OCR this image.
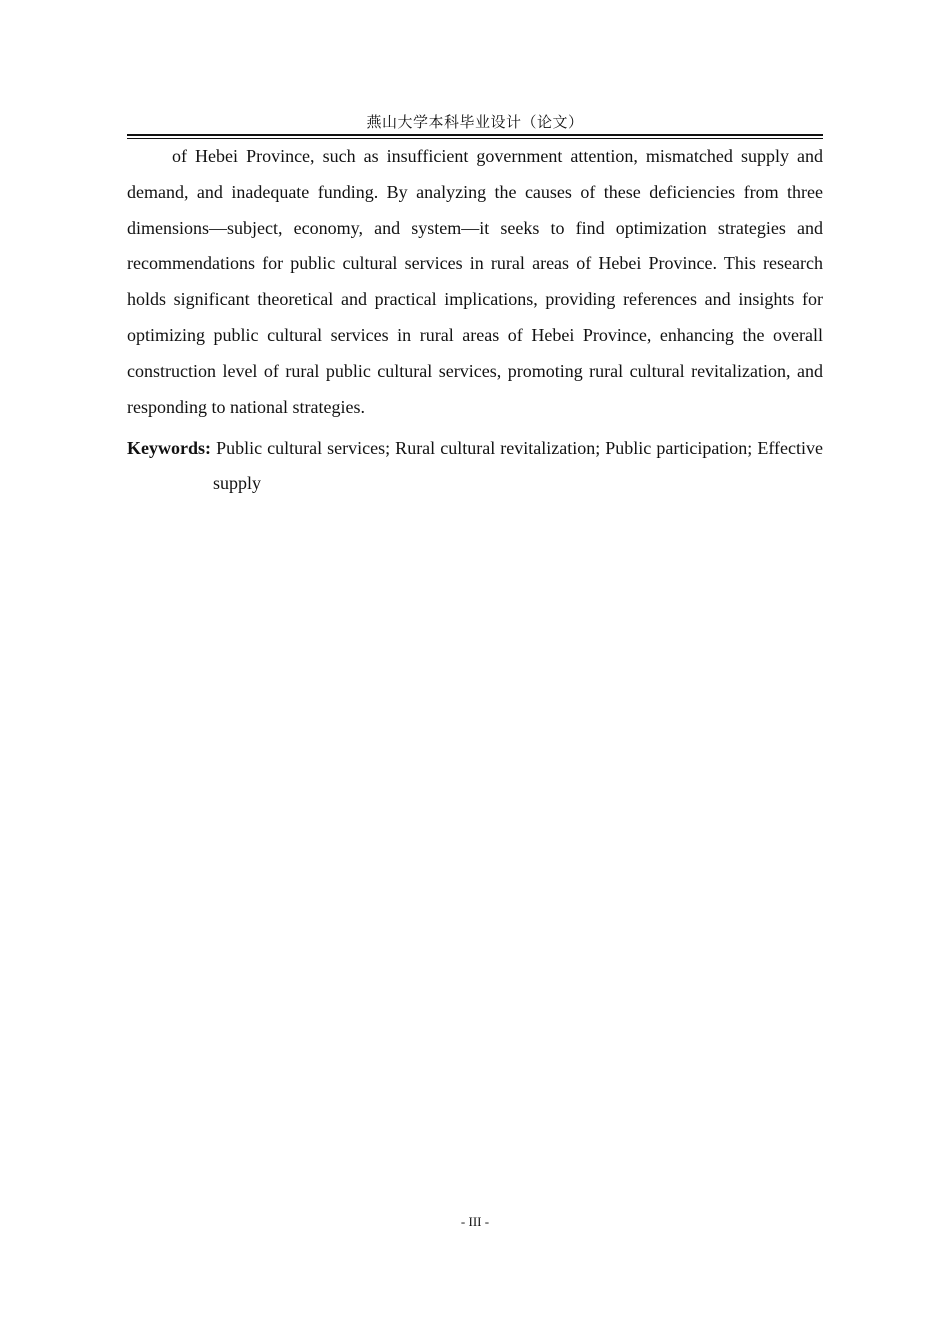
燕山大学本科毕业设计（论文）

of Hebei Province, such as insufficient government attention, mismatched supply and demand, and inadequate funding. By analyzing the causes of these deficiencies from three dimensions—subject, economy, and system—it seeks to find optimization strategies and recommendations for public cultural services in rural areas of Hebei Province. This research holds significant theoretical and practical implications, providing references and insights for optimizing public cultural services in rural areas of Hebei Province, enhancing the overall construction level of rural public cultural services, promoting rural cultural revitalization, and responding to national strategies.

Keywords: Public cultural services; Rural cultural revitalization; Public participation; Effective supply
- III -
